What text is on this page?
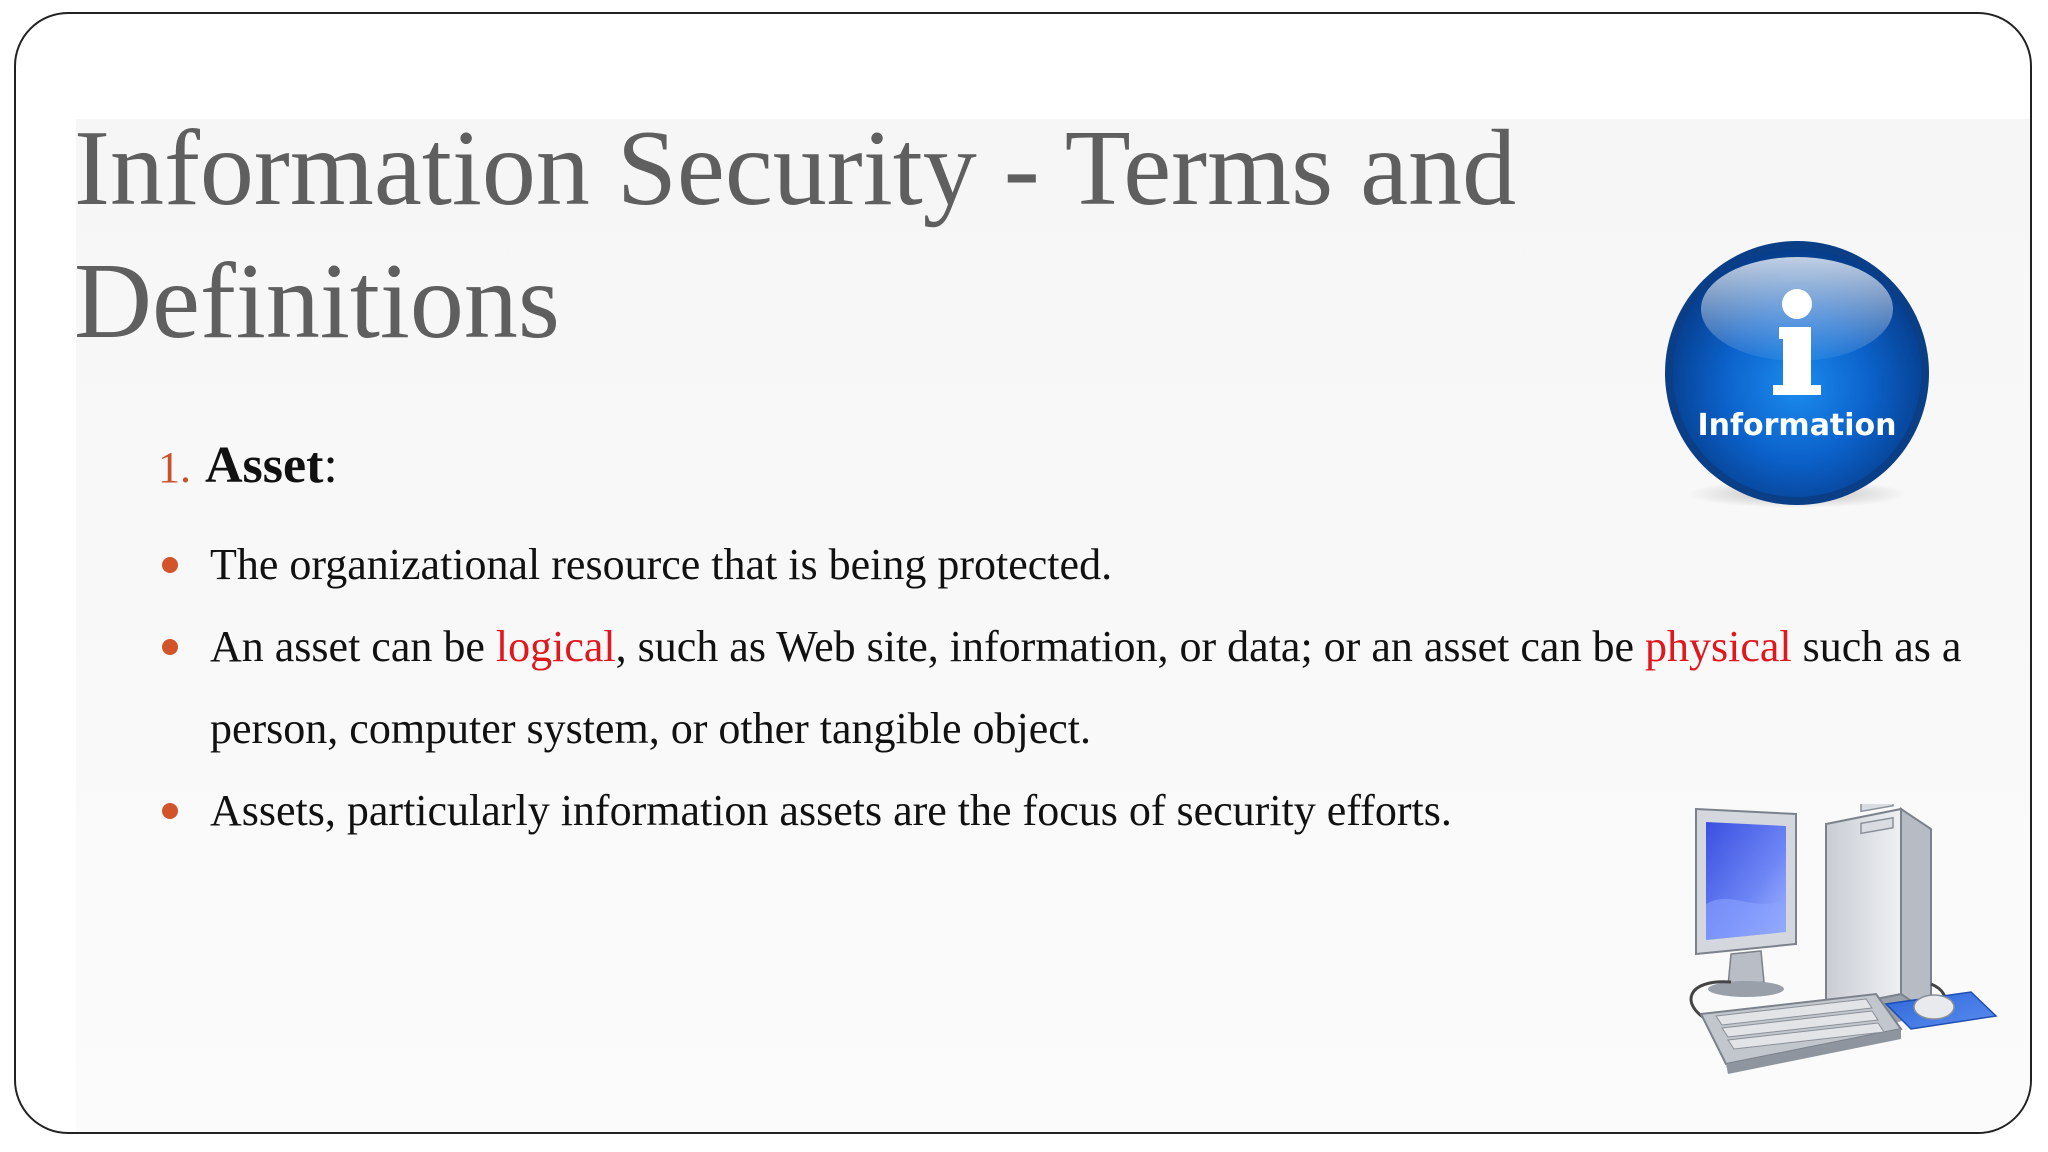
Information Security - Terms and
Definitions
Information
1. Asset:
The organizational resource that is being protected.
An asset can be logical, such as Web site, information, or data; or an asset can be physical such as a person, computer system, or other tangible object.
Assets, particularly information assets are the focus of security efforts.
